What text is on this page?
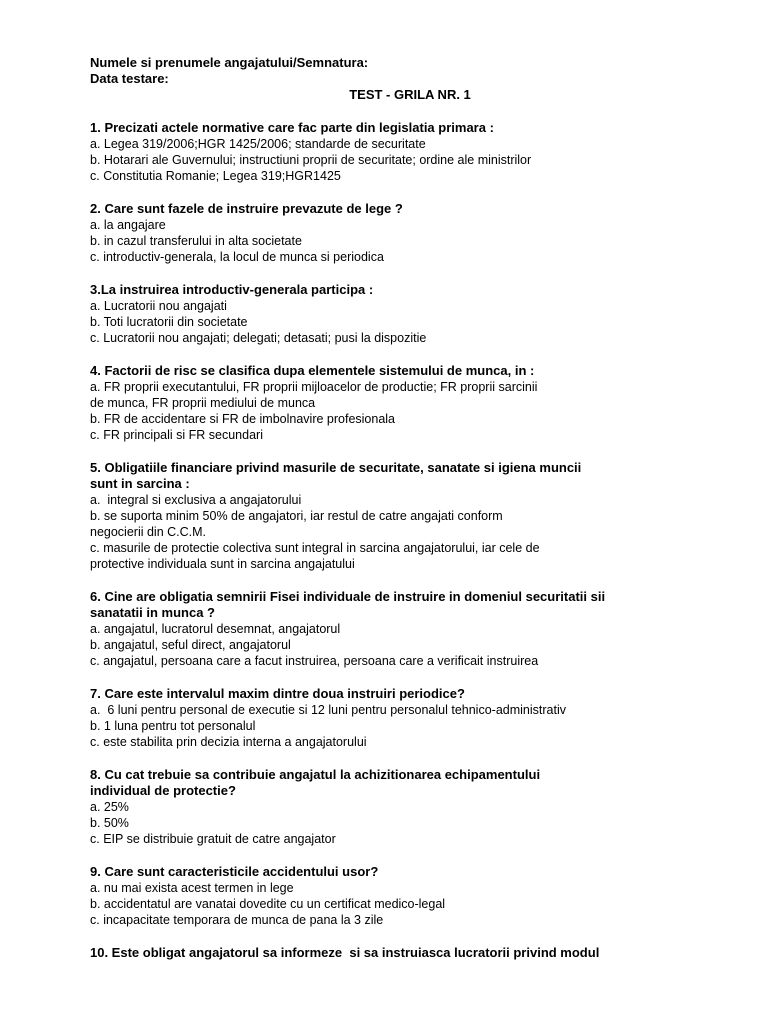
Numele si prenumele angajatului/Semnatura:
Data testare:
TEST - GRILA NR. 1
1. Precizati actele normative care fac parte din legislatia primara :
a. Legea 319/2006;HGR 1425/2006; standarde de securitate
b. Hotarari ale Guvernului; instructiuni proprii de securitate; ordine ale ministrilor
c. Constitutia Romanie; Legea 319;HGR1425
2. Care sunt fazele de instruire prevazute de lege ?
a. la angajare
b. in cazul transferului in alta societate
c. introductiv-generala, la locul de munca si periodica
3.La instruirea introductiv-generala participa :
a. Lucratorii nou angajati
b. Toti lucratorii din societate
c. Lucratorii nou angajati; delegati; detasati; pusi la dispozitie
4. Factorii de risc se clasifica dupa elementele sistemului de munca, in :
a. FR proprii executantului, FR proprii mijloacelor de productie; FR proprii sarcinii
de munca, FR proprii mediului de munca
b. FR de accidentare si FR de imbolnavire profesionala
c. FR principali si FR secundari
5. Obligatiile financiare privind masurile de securitate, sanatate si igiena muncii
sunt in sarcina :
a.  integral si exclusiva a angajatorului
b. se suporta minim 50% de angajatori, iar restul de catre angajati conform
negocierii din C.C.M.
c. masurile de protectie colectiva sunt integral in sarcina angajatorului, iar cele de
protective individuala sunt in sarcina angajatului
6. Cine are obligatia semnirii Fisei individuale de instruire in domeniul securitatii sii
sanatatii in munca ?
a. angajatul, lucratorul desemnat, angajatorul
b. angajatul, seful direct, angajatorul
c. angajatul, persoana care a facut instruirea, persoana care a verificait instruirea
7. Care este intervalul maxim dintre doua instruiri periodice?
a.  6 luni pentru personal de executie si 12 luni pentru personalul tehnico-administrativ
b. 1 luna pentru tot personalul
c. este stabilita prin decizia interna a angajatorului
8. Cu cat trebuie sa contribuie angajatul la achizitionarea echipamentului
individual de protectie?
a. 25%
b. 50%
c. EIP se distribuie gratuit de catre angajator
9. Care sunt caracteristicile accidentului usor?
a. nu mai exista acest termen in lege
b. accidentatul are vanatai dovedite cu un certificat medico-legal
c. incapacitate temporara de munca de pana la 3 zile
10. Este obligat angajatorul sa informeze  si sa instruiasca lucratorii privind modul
